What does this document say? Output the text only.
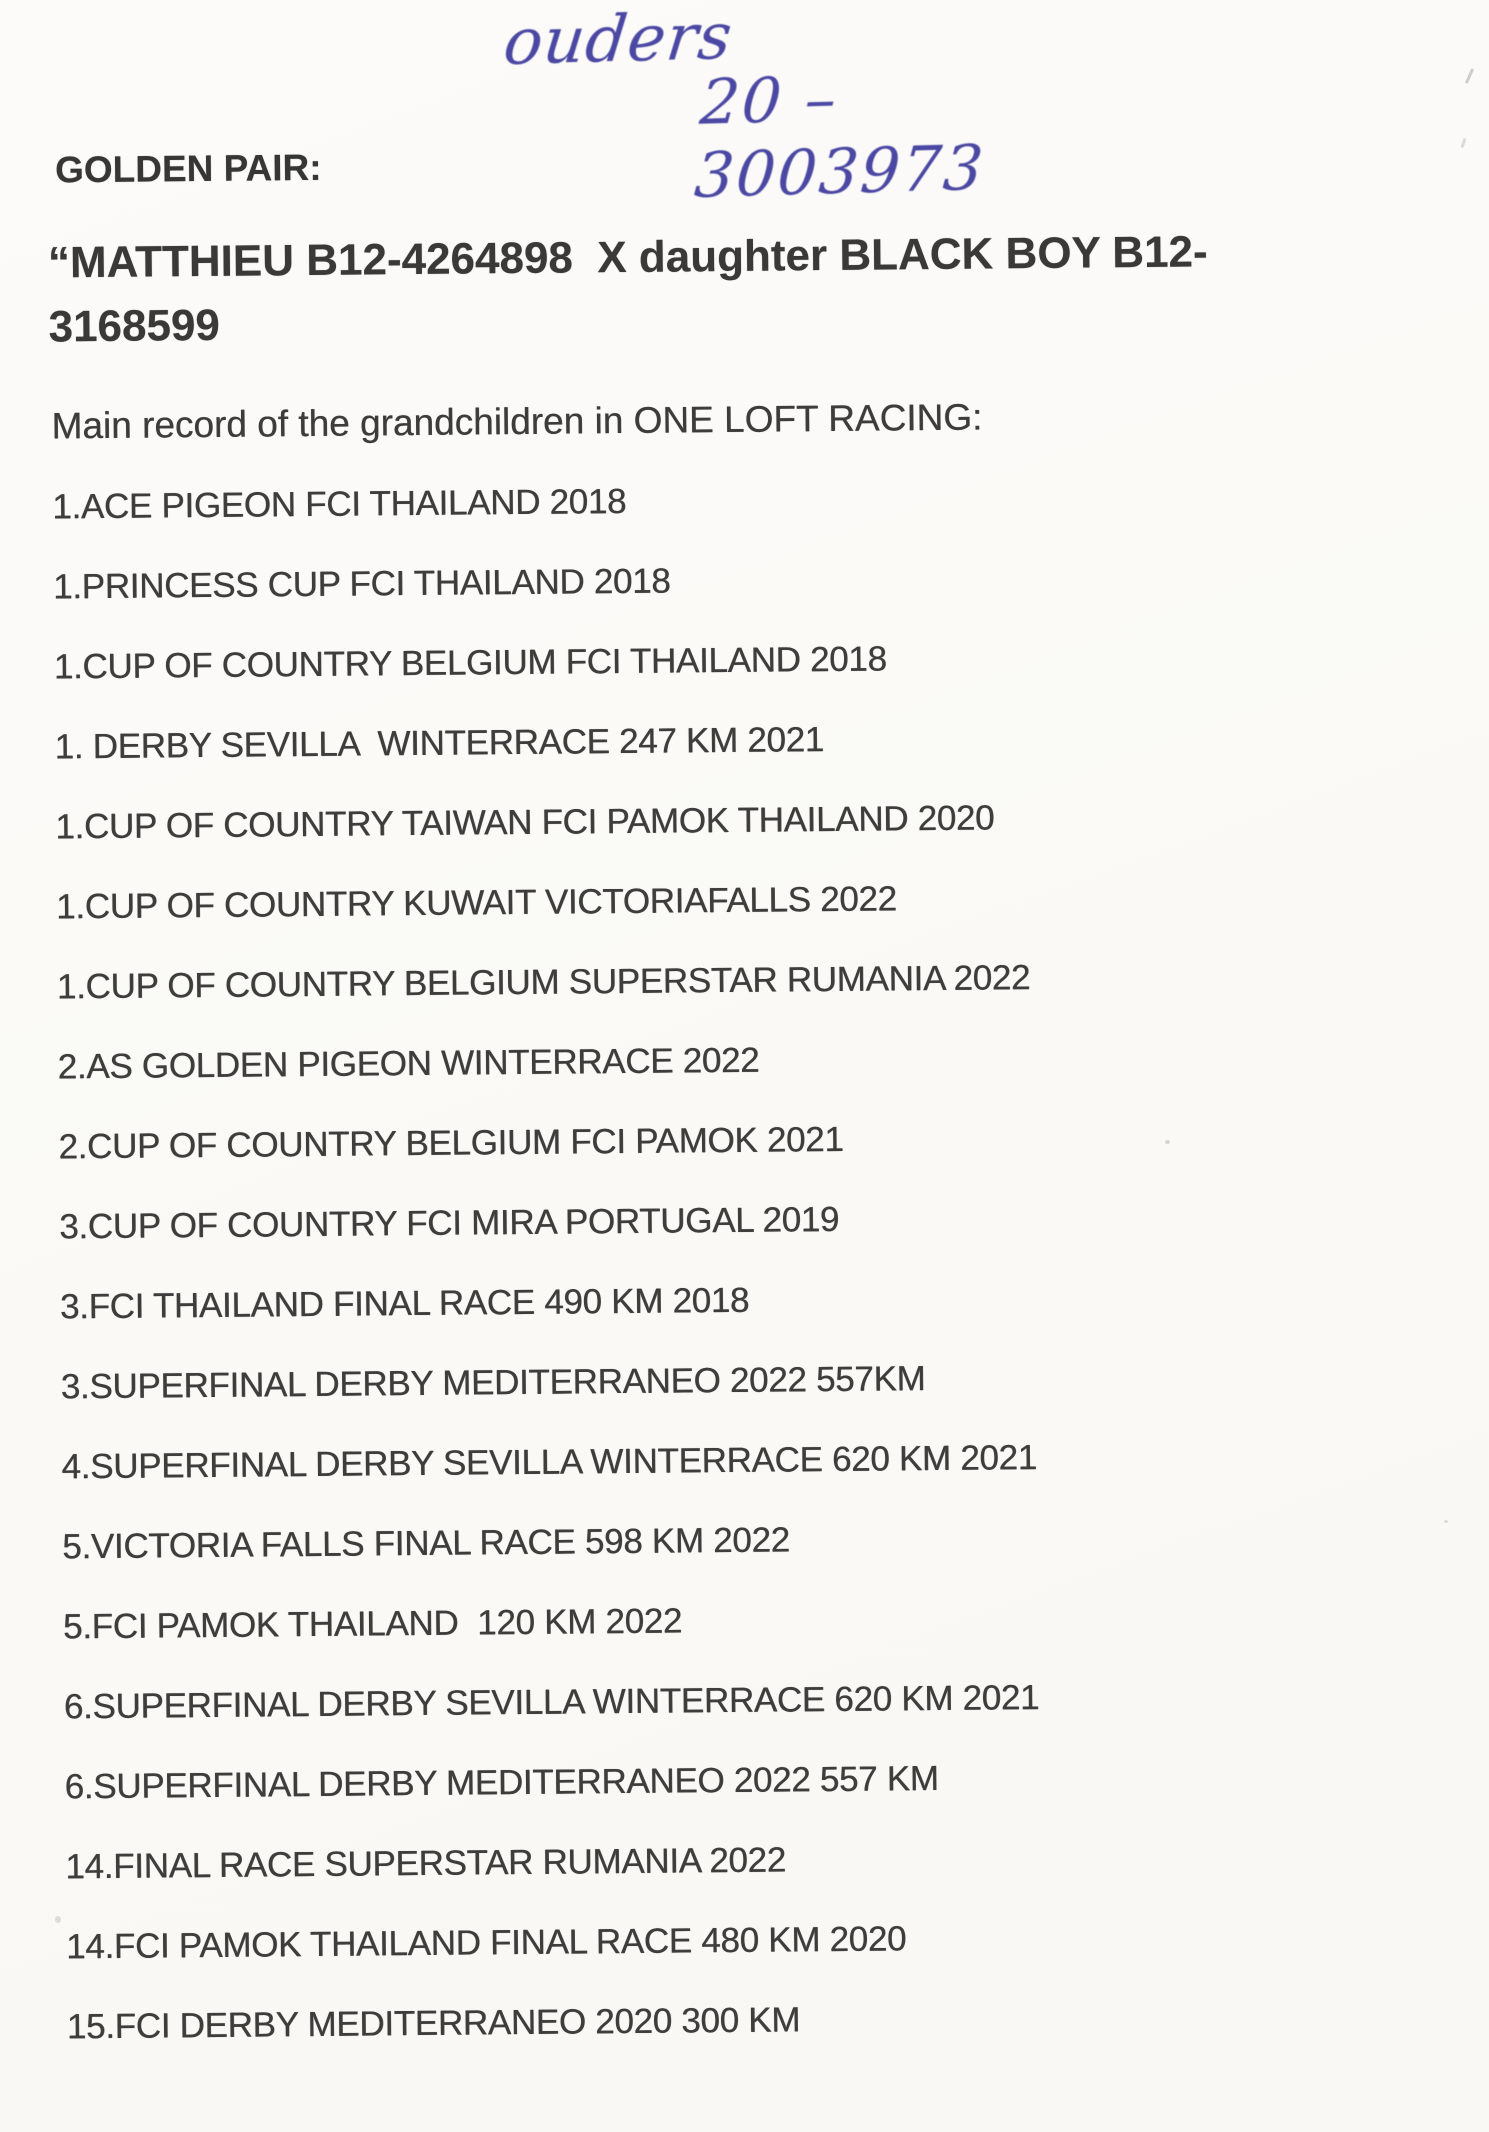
ouders
20 – 3003973
GOLDEN PAIR:
“MATTHIEU B12-4264898  X daughter BLACK BOY B12-3168599
Main record of the grandchildren in ONE LOFT RACING:
1.ACE PIGEON FCI THAILAND 2018
1.PRINCESS CUP FCI THAILAND 2018
1.CUP OF COUNTRY BELGIUM FCI THAILAND 2018
1. DERBY SEVILLA  WINTERRACE 247 KM 2021
1.CUP OF COUNTRY TAIWAN FCI PAMOK THAILAND 2020
1.CUP OF COUNTRY KUWAIT VICTORIAFALLS 2022
1.CUP OF COUNTRY BELGIUM SUPERSTAR RUMANIA 2022
2.AS GOLDEN PIGEON WINTERRACE 2022
2.CUP OF COUNTRY BELGIUM FCI PAMOK 2021
3.CUP OF COUNTRY FCI MIRA PORTUGAL 2019
3.FCI THAILAND FINAL RACE 490 KM 2018
3.SUPERFINAL DERBY MEDITERRANEO 2022 557KM
4.SUPERFINAL DERBY SEVILLA WINTERRACE 620 KM 2021
5.VICTORIA FALLS FINAL RACE 598 KM 2022
5.FCI PAMOK THAILAND  120 KM 2022
6.SUPERFINAL DERBY SEVILLA WINTERRACE 620 KM 2021
6.SUPERFINAL DERBY MEDITERRANEO 2022 557 KM
14.FINAL RACE SUPERSTAR RUMANIA 2022
14.FCI PAMOK THAILAND FINAL RACE 480 KM 2020
15.FCI DERBY MEDITERRANEO 2020 300 KM
